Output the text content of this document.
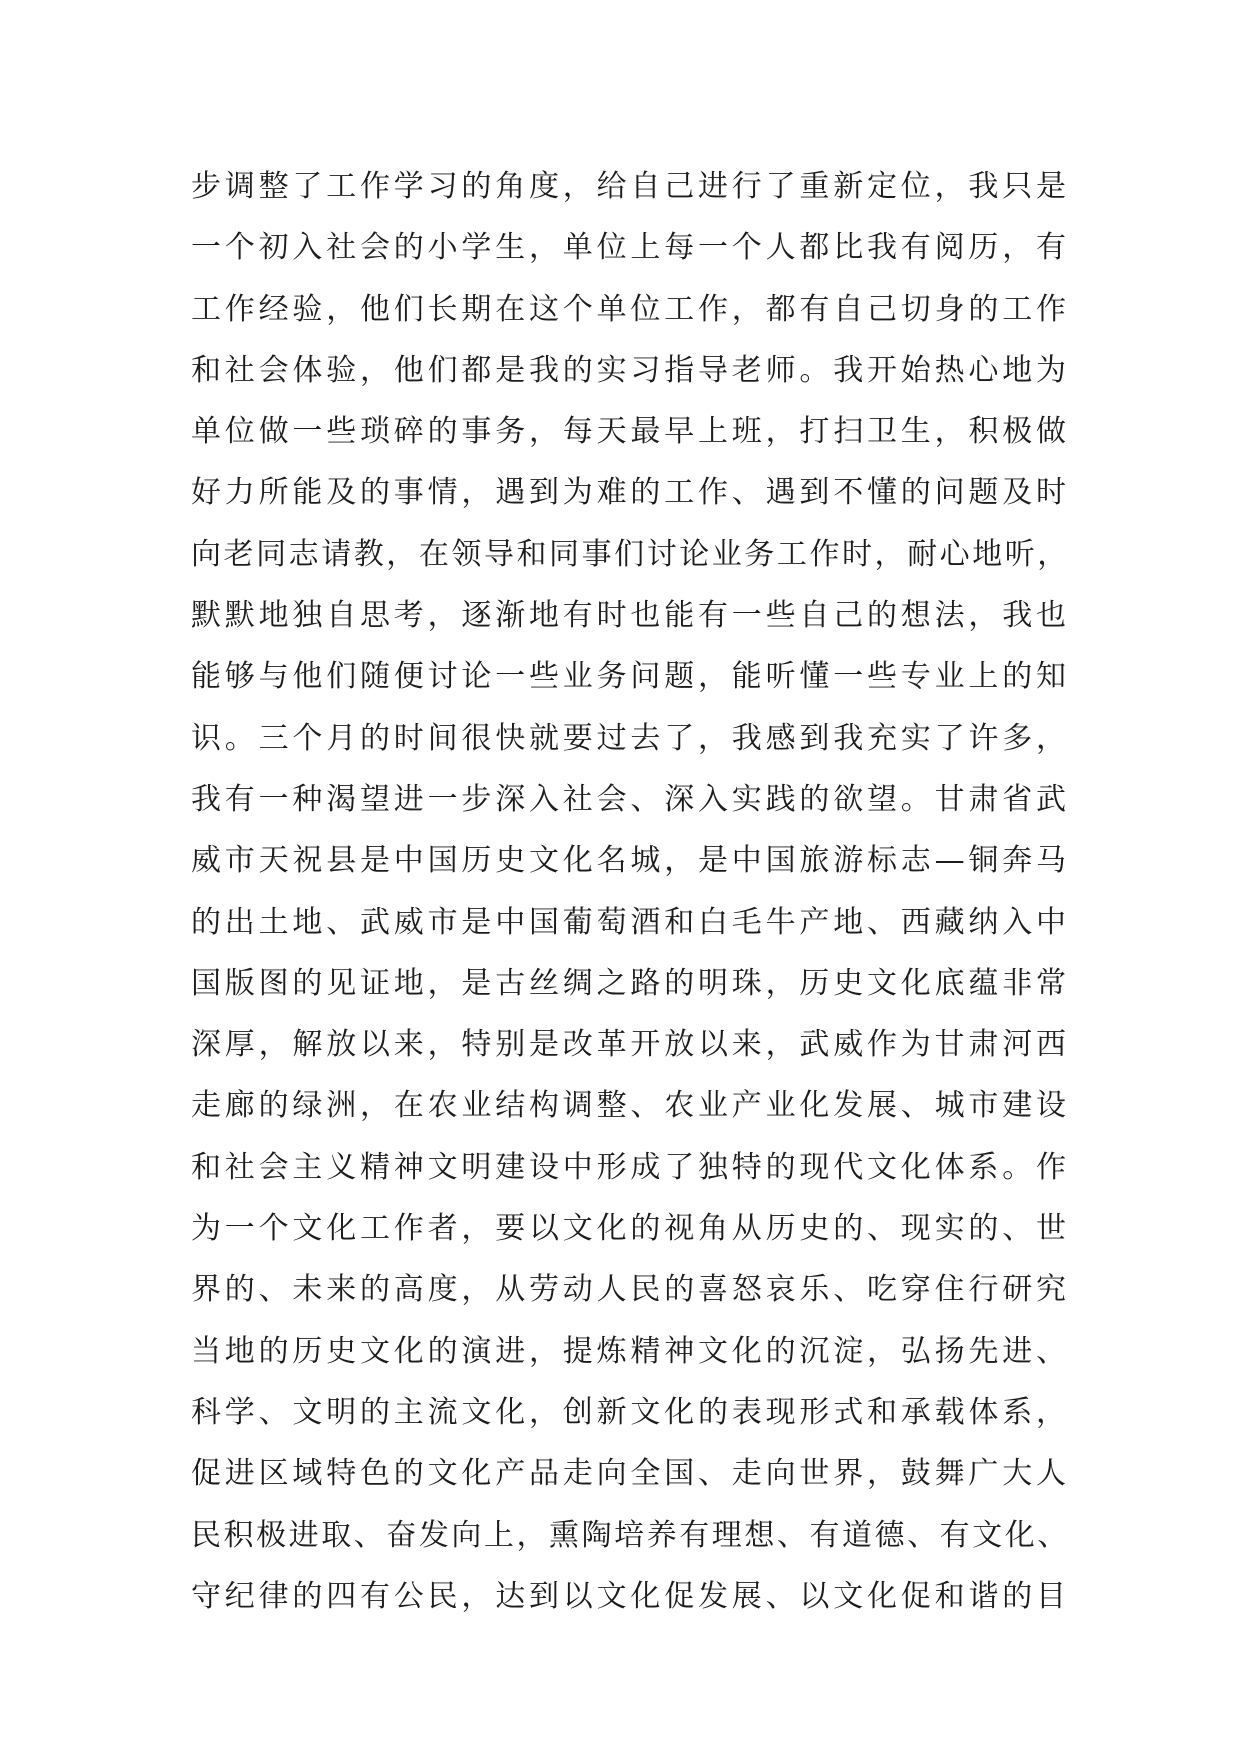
步调整了工作学习的角度，给自己进行了重新定位，我只是
一个初入社会的小学生，单位上每一个人都比我有阅历，有
工作经验，他们长期在这个单位工作，都有自己切身的工作
和社会体验，他们都是我的实习指导老师。我开始热心地为
单位做一些琐碎的事务，每天最早上班，打扫卫生，积极做
好力所能及的事情，遇到为难的工作、遇到不懂的问题及时
向老同志请教，在领导和同事们讨论业务工作时，耐心地听，
默默地独自思考，逐渐地有时也能有一些自己的想法，我也
能够与他们随便讨论一些业务问题，能听懂一些专业上的知
识。三个月的时间很快就要过去了，我感到我充实了许多，
我有一种渴望进一步深入社会、深入实践的欲望。甘肃省武
威市天祝县是中国历史文化名城，是中国旅游标志—铜奔马
的出土地、武威市是中国葡萄酒和白毛牛产地、西藏纳入中
国版图的见证地，是古丝绸之路的明珠，历史文化底蕴非常
深厚，解放以来，特别是改革开放以来，武威作为甘肃河西
走廊的绿洲，在农业结构调整、农业产业化发展、城市建设
和社会主义精神文明建设中形成了独特的现代文化体系。作
为一个文化工作者，要以文化的视角从历史的、现实的、世
界的、未来的高度，从劳动人民的喜怒哀乐、吃穿住行研究
当地的历史文化的演进，提炼精神文化的沉淀，弘扬先进、
科学、文明的主流文化，创新文化的表现形式和承载体系，
促进区域特色的文化产品走向全国、走向世界，鼓舞广大人
民积极进取、奋发向上，熏陶培养有理想、有道德、有文化、
守纪律的四有公民，达到以文化促发展、以文化促和谐的目
